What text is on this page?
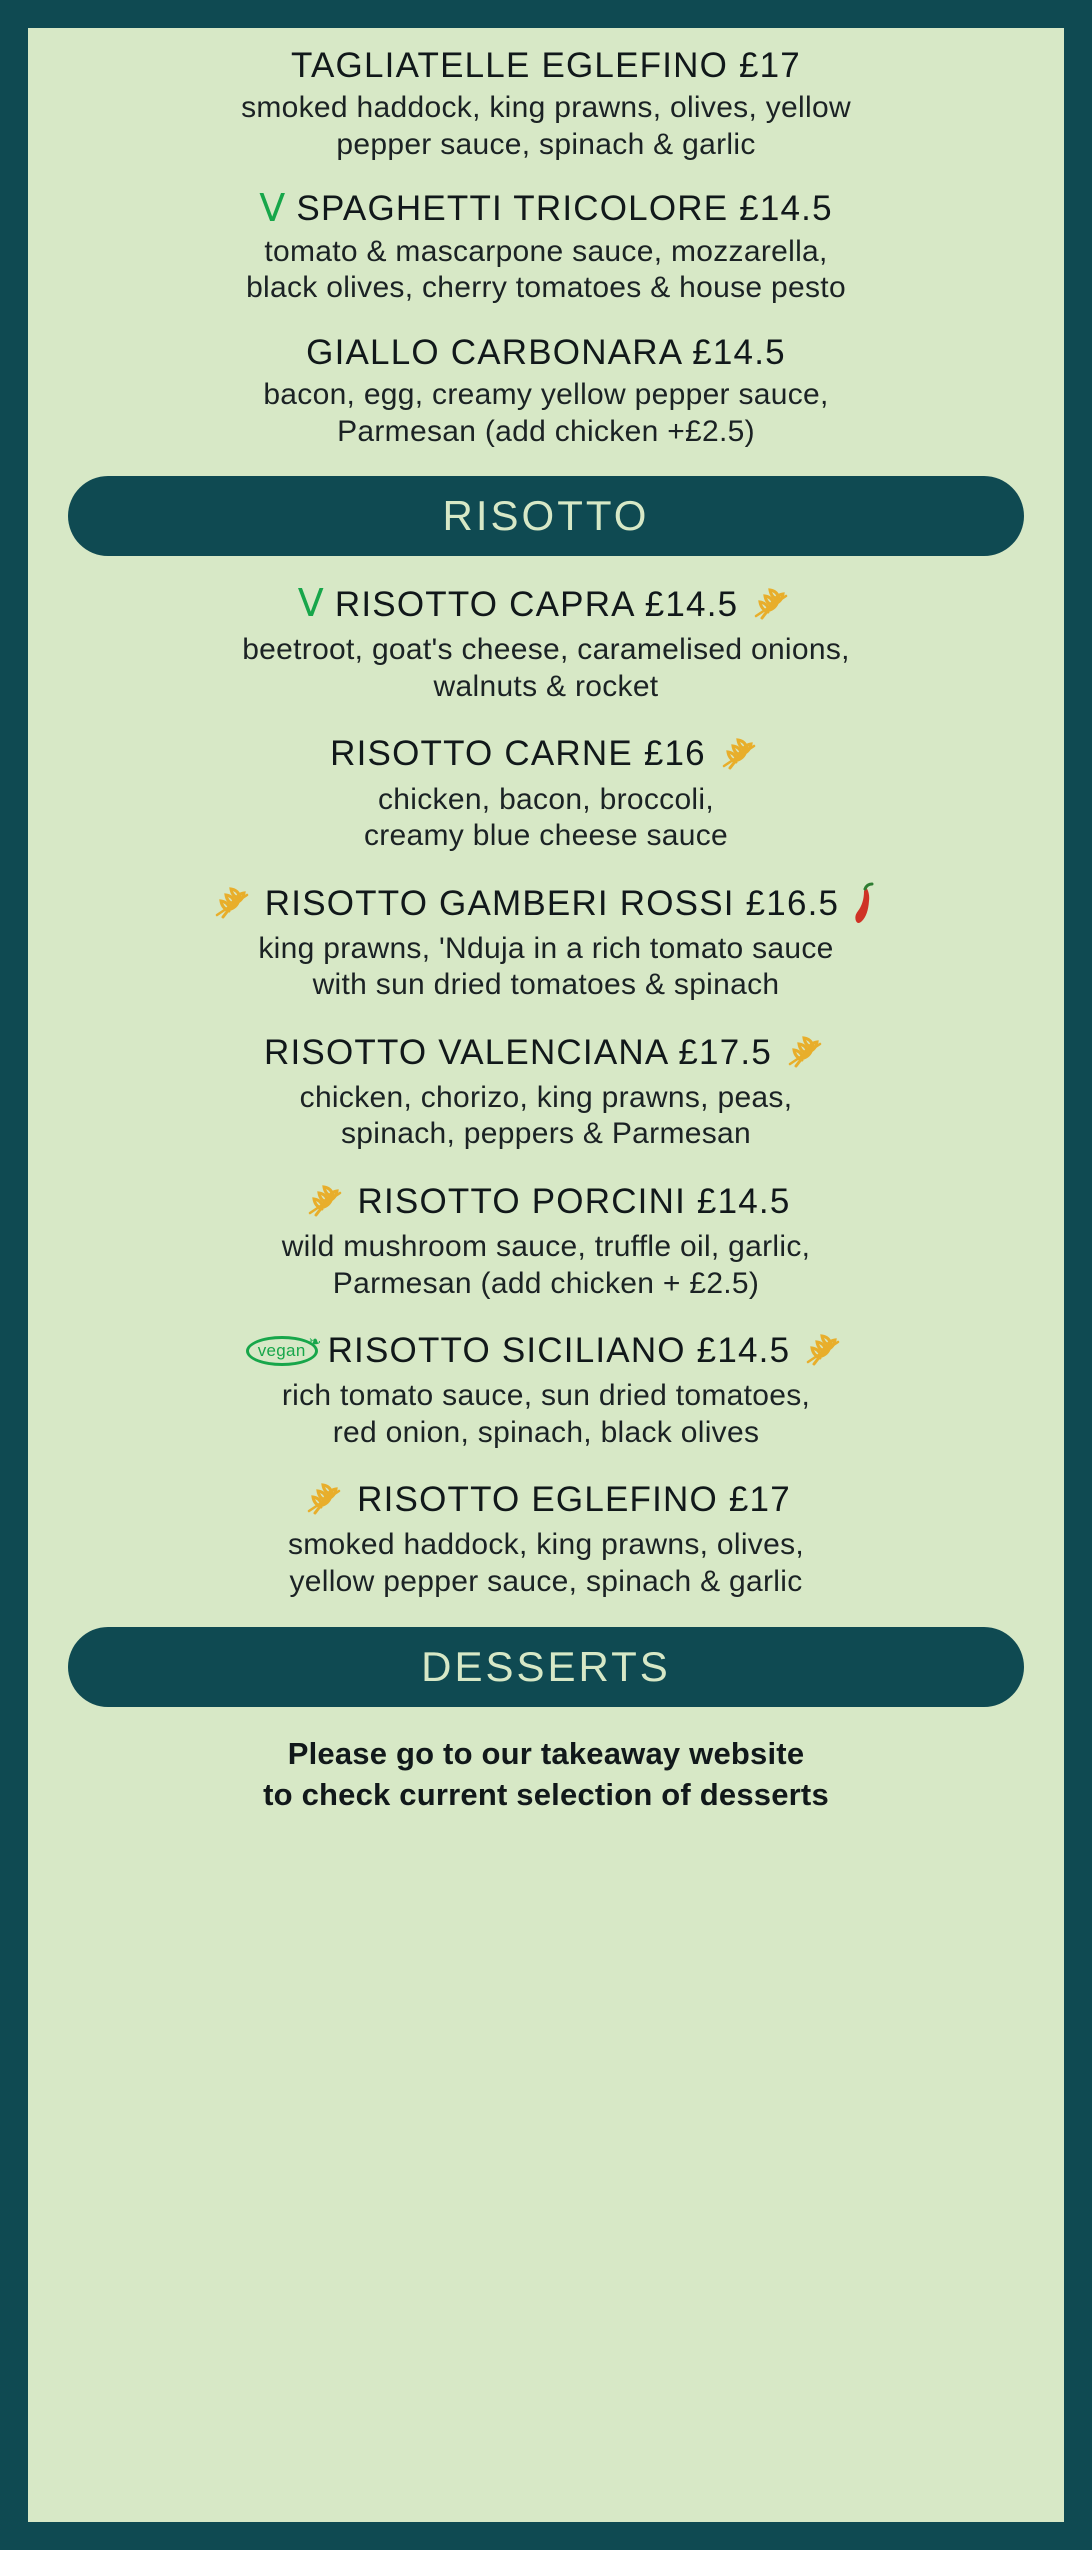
TAGLIATELLE EGLEFINO £17
smoked haddock, king prawns, olives, yellow
pepper sauce, spinach & garlic
V SPAGHETTI TRICOLORE £14.5
tomato & mascarpone sauce, mozzarella,
black olives, cherry tomatoes & house pesto
GIALLO CARBONARA £14.5
bacon, egg, creamy yellow pepper sauce,
Parmesan (add chicken +£2.5)
RISOTTO
V RISOTTO CAPRA £14.5
beetroot, goat's cheese, caramelised onions,
walnuts & rocket
RISOTTO CARNE £16
chicken, bacon, broccoli,
creamy blue cheese sauce
RISOTTO GAMBERI ROSSI £16.5
king prawns, 'Nduja in a rich tomato sauce
with sun dried tomatoes & spinach
RISOTTO VALENCIANA £17.5
chicken, chorizo, king prawns, peas,
spinach, peppers & Parmesan
RISOTTO PORCINI £14.5
wild mushroom sauce, truffle oil, garlic,
Parmesan (add chicken + £2.5)
vegan ❧ RISOTTO SICILIANO £14.5
rich tomato sauce, sun dried tomatoes,
red onion, spinach, black olives
RISOTTO EGLEFINO £17
smoked haddock, king prawns, olives,
yellow pepper sauce, spinach & garlic
DESSERTS
Please go to our takeaway website
to check current selection of desserts
